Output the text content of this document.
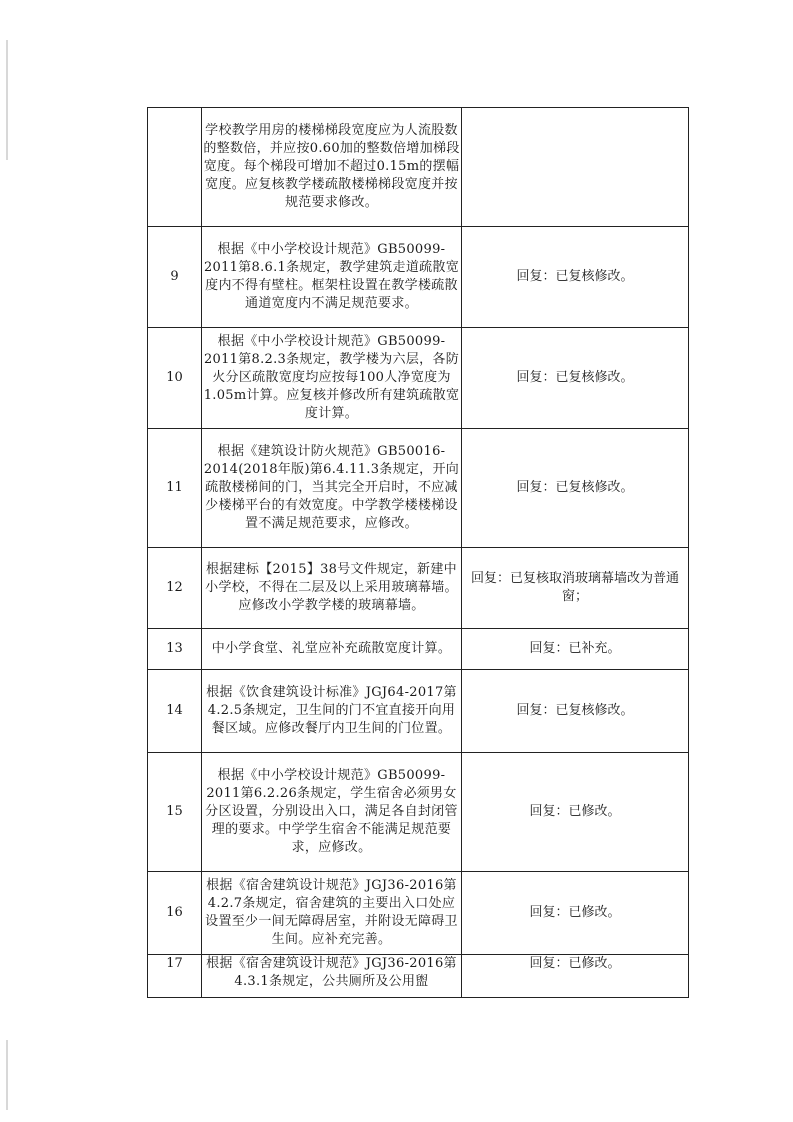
	学校教学用房的楼梯梯段宽度应为人流股数的整数倍，并应按0.60加的整数倍增加梯段宽度。每个梯段可增加不超过0.15m的摆幅宽度。应复核教学楼疏散楼梯梯段宽度并按规范要求修改。	
9	根据《中小学校设计规范》GB50099-2011第8.6.1条规定，教学建筑走道疏散宽度内不得有壁柱。框架柱设置在教学楼疏散通道宽度内不满足规范要求。	回复：已复核修改。
10	根据《中小学校设计规范》GB50099-2011第8.2.3条规定，教学楼为六层，各防火分区疏散宽度均应按每100人净宽度为1.05m计算。应复核并修改所有建筑疏散宽度计算。	回复：已复核修改。
11	根据《建筑设计防火规范》GB50016-2014(2018年版)第6.4.11.3条规定，开向疏散楼梯间的门，当其完全开启时，不应减少楼梯平台的有效宽度。中学教学楼楼梯设置不满足规范要求，应修改。	回复：已复核修改。
12	根据建标【2015】38号文件规定，新建中小学校，不得在二层及以上采用玻璃幕墙。应修改小学教学楼的玻璃幕墙。	回复：已复核取消玻璃幕墙改为普通窗；
13	中小学食堂、礼堂应补充疏散宽度计算。	回复：已补充。
14	根据《饮食建筑设计标准》JGJ64-2017第4.2.5条规定，卫生间的门不宜直接开向用餐区域。应修改餐厅内卫生间的门位置。	回复：已复核修改。
15	根据《中小学校设计规范》GB50099-2011第6.2.26条规定，学生宿舍必须男女分区设置，分别设出入口，满足各自封闭管理的要求。中学学生宿舍不能满足规范要求，应修改。	回复：已修改。
16	根据《宿舍建筑设计规范》JGJ36-2016第4.2.7条规定，宿舍建筑的主要出入口处应设置至少一间无障碍居室，并附设无障碍卫生间。应补充完善。	回复：已修改。
17	根据《宿舍建筑设计规范》JGJ36-2016第4.3.1条规定，公共厕所及公用盥	回复：已修改。
